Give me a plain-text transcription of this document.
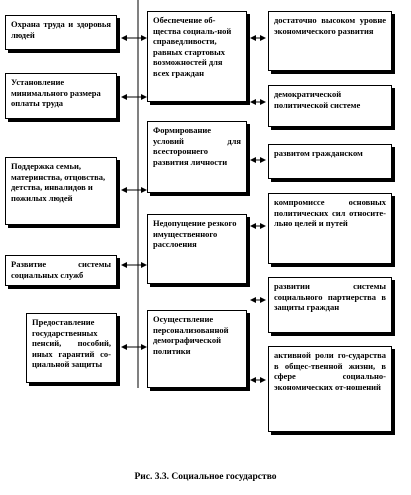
Охрана труда и здоровья людей
Установление минимального размера оплаты труда
Поддержка семьи, материнства, отцовства, детства, инвалидов и пожилых людей
Развитие системы социальных служб
Предоставление государственных пенсий, пособий, иных гарантий со-циальной защиты
Обеспечение об-щества социаль-ной справедливости, равных стартовых возможностей для всех граждан
Формирование условий для всестороннего развития личности
Недопущение резкого имущественного расслоения
Осуществление персонализованной демографической политики
достаточно высоком уровне экономического развития
демократической политической системе
развитом гражданском
компромиссе основных политических сил относите-льно целей и путей
развитии системы социального партнерства в защиты граждан
активной роли го-сударства в общес-твенной жизни, в сфере социально-экономических от-ношений
Рис. 3.3. Социальное государство
